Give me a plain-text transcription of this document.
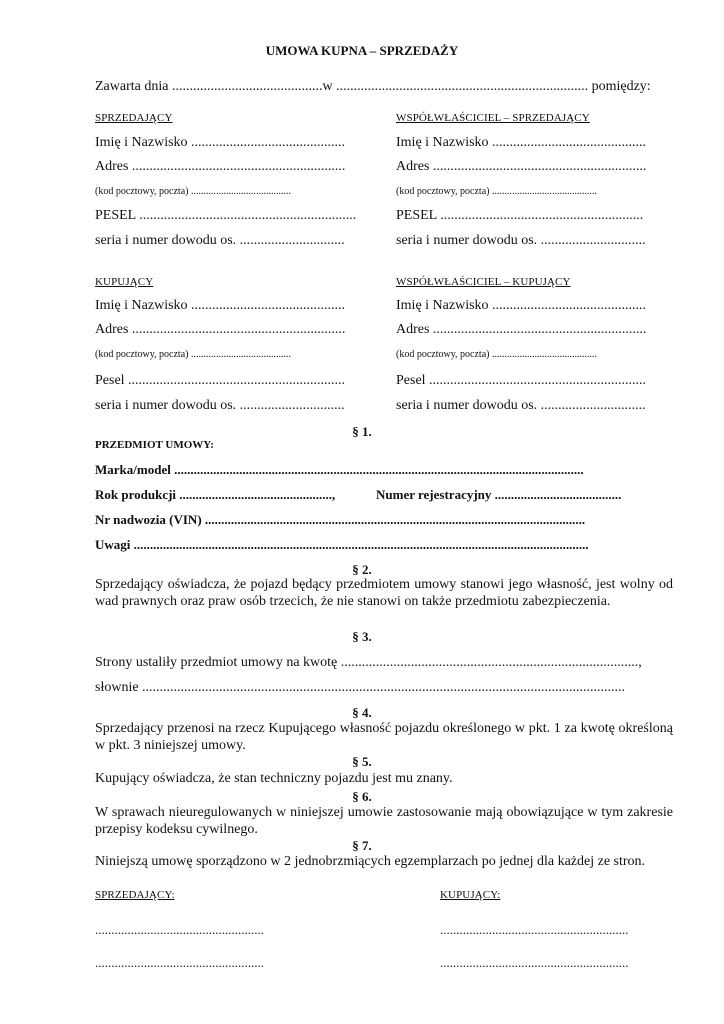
UMOWA KUPNA – SPRZEDAŻY
Zawarta dnia ...........................................w ........................................................................ pomiędzy:
SPRZEDAJĄCY
Imię i Nazwisko ............................................
Adres .............................................................
(kod pocztowy, poczta) ........................................
PESEL ..............................................................
seria i numer dowodu os. ..............................
WSPÓŁWŁAŚCICIEL – SPRZEDAJĄCY
Imię i Nazwisko ............................................
Adres .............................................................
(kod pocztowy, poczta) ..........................................
PESEL ..........................................................
seria i numer dowodu os. ..............................
KUPUJĄCY
Imię i Nazwisko ............................................
Adres .............................................................
(kod pocztowy, poczta) ........................................
Pesel ..............................................................
seria i numer dowodu os. ..............................
WSPÓŁWŁAŚCICIEL – KUPUJĄCY
Imię i Nazwisko ............................................
Adres .............................................................
(kod pocztowy, poczta) ..........................................
Pesel ..............................................................
seria i numer dowodu os. ..............................
§ 1.
PRZEDMIOT UMOWY:
Marka/model ..............................................................................................................................
Rok produkcji ...............................................,	Numer rejestracyjny .......................................
Nr nadwozia (VIN) .....................................................................................................................
Uwagi ............................................................................................................................................
§ 2.
Sprzedający oświadcza, że pojazd będący przedmiotem umowy stanowi jego własność, jest wolny od wad prawnych oraz praw osób trzecich, że nie stanowi on także przedmiotu zabezpieczenia.
§ 3.
Strony ustaliły przedmiot umowy na kwotę .....................................................................................,
słownie ..........................................................................................................................................
§ 4.
Sprzedający przenosi na rzecz Kupującego własność pojazdu określonego w pkt. 1 za kwotę określoną w pkt. 3 niniejszej umowy.
§ 5.
Kupujący oświadcza, że stan techniczny pojazdu jest mu znany.
§ 6.
W sprawach nieuregulowanych w niniejszej umowie zastosowanie mają obowiązujące w tym zakresie przepisy kodeksu cywilnego.
§ 7.
Niniejszą umowę sporządzono w 2 jednobrzmiących egzemplarzach po jednej dla każdej ze stron.
SPRZEDAJĄCY:	KUPUJĄCY:
....................................................	..........................................................
....................................................	..........................................................
